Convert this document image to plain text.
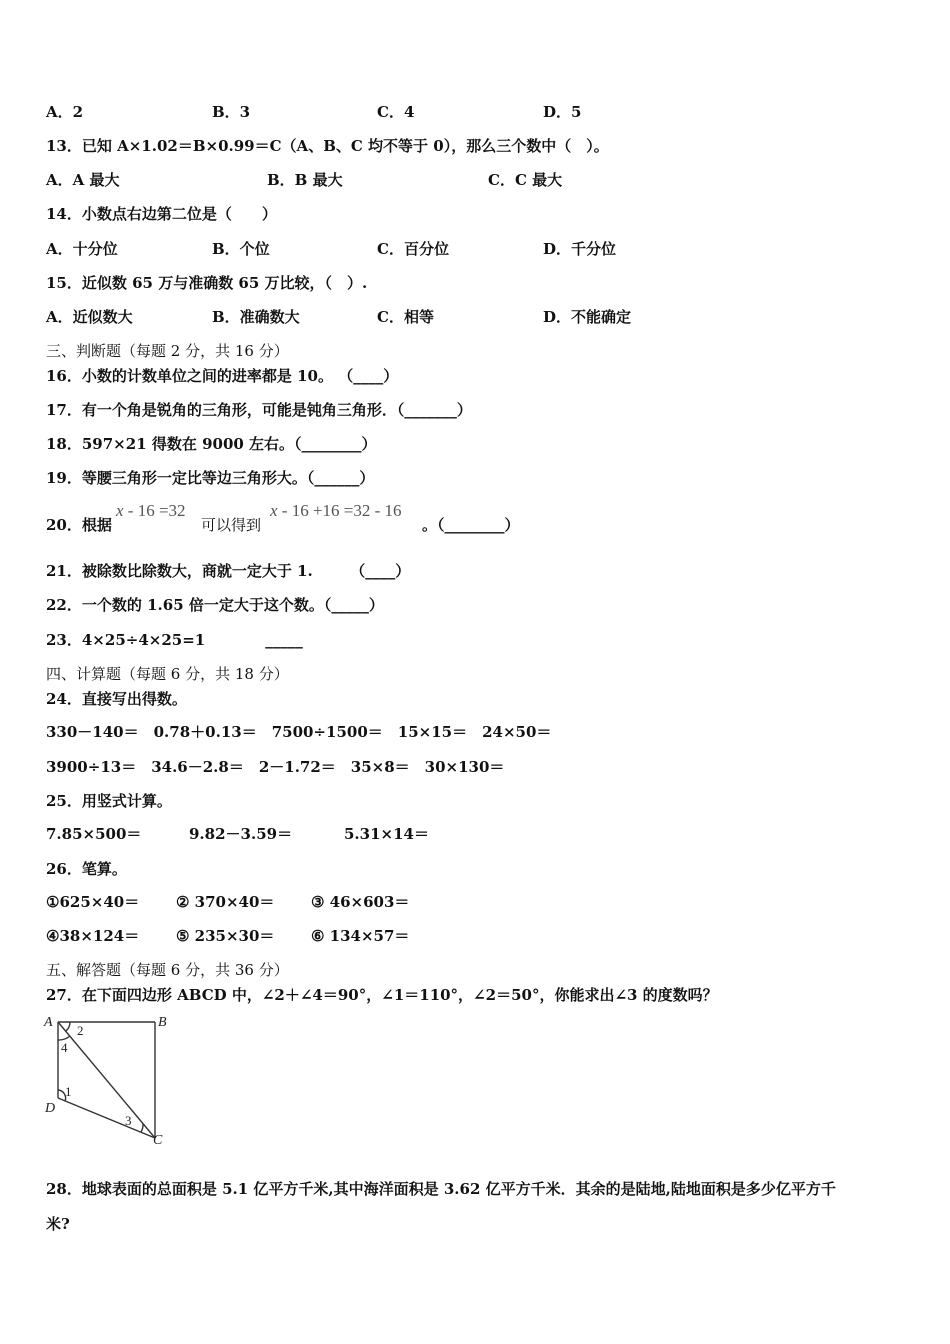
A．2	B．3	C．4	D．5
13．已知 A×1.02＝B×0.99＝C（A、B、C 均不等于 0），那么三个数中（　）。
A．A 最大	B．B 最大	C．C 最大
14．小数点右边第二位是（　　）
A．十分位	B．个位	C．百分位	D．千分位
15．近似数 65 万与准确数 65 万比较，（　）.
A．近似数大	B．准确数大	C．相等	D．不能确定
三、判断题（每题 2 分，共 16 分）
16．小数的计数单位之间的进率都是 10。 （____）
17．有一个角是锐角的三角形，可能是钝角三角形．（_______）
18．597×21 得数在 9000 左右。（________）
19．等腰三角形一定比等边三角形大。（______）
20．根据
x - 16 =32
可以得到
x - 16 +16 =32 - 16
。（________）
21．被除数比除数大，商就一定大于 1.　　　（____）
22．一个数的 1.65 倍一定大于这个数。（_____）
23．4×25÷4×25=1　　　　_____
四、计算题（每题 6 分，共 18 分）
24．直接写出得数。
330－140＝　0.78＋0.13＝　7500÷1500＝　15×15＝　24×50＝
3900÷13＝　34.6－2.8＝　2－1.72＝　35×8＝　30×130＝
25．用竖式计算。
7.85×500＝	9.82－3.59＝	5.31×14＝
26．笔算。
①625×40＝ ② 370×40＝ ③ 46×603＝
④38×124＝ ⑤ 235×30＝ ⑥ 134×57＝
五、解答题（每题 6 分，共 36 分）
27．在下面四边形 ABCD 中，∠2＋∠4＝90°，∠1＝110°，∠2＝50°，你能求出∠3 的度数吗？
A	B
C
D
2
4
1
3
28．地球表面的总面积是 5.1 亿平方千米,其中海洋面积是 3.62 亿平方千米．其余的是陆地,陆地面积是多少亿平方千
米?
